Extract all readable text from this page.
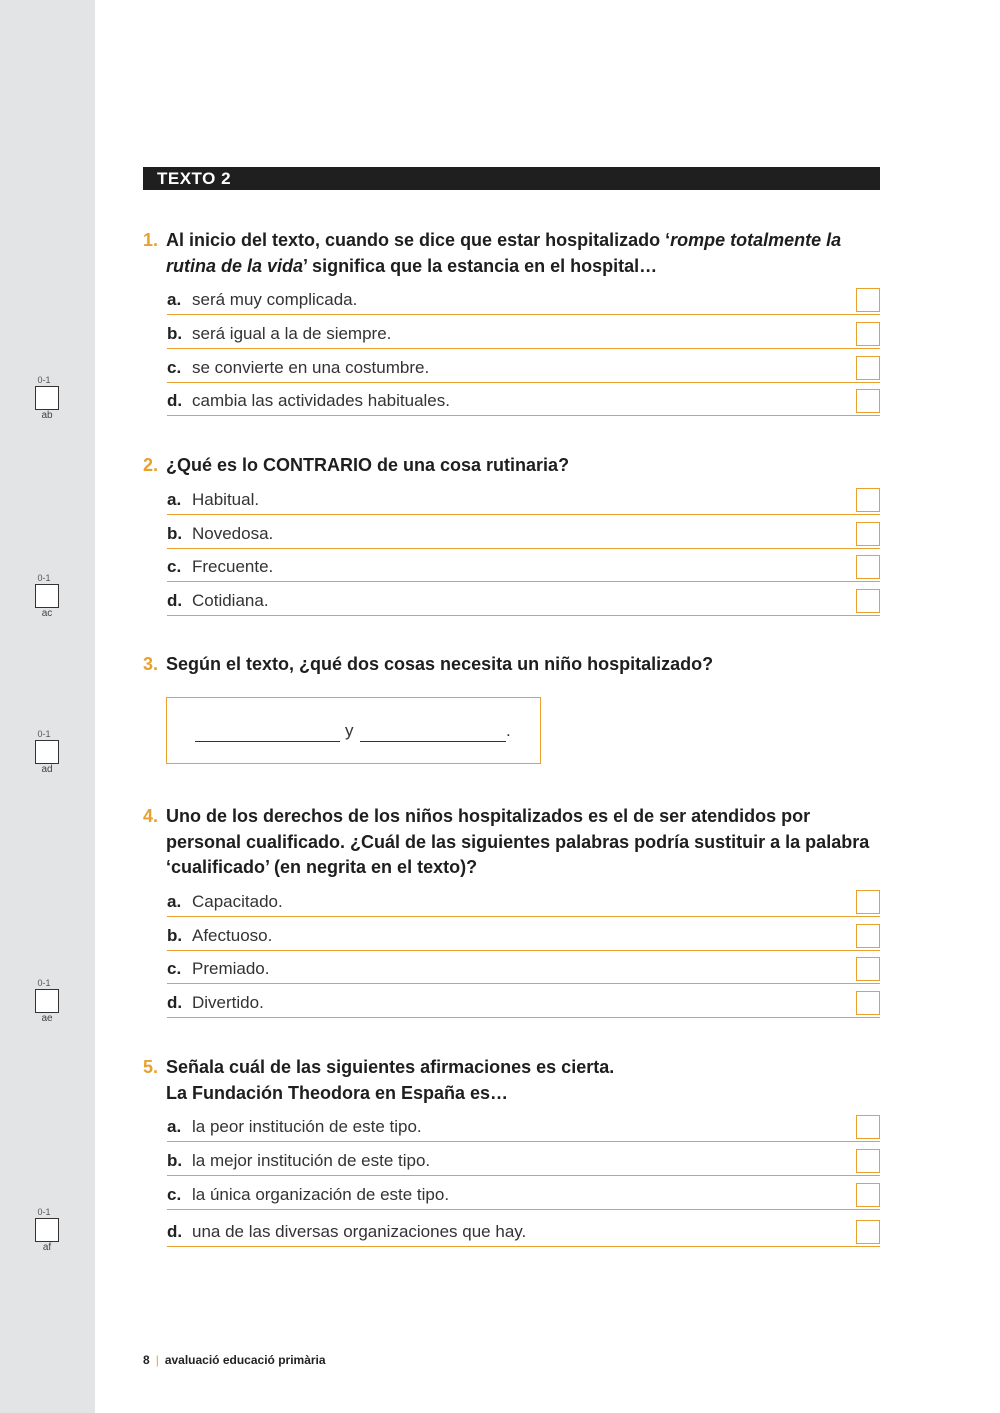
TEXTO 2
0-1
ab
0-1
ac
0-1
ad
0-1
ae
0-1
af
1. Al inicio del texto, cuando se dice que estar hospitalizado ‘rompe totalmente la rutina de la vida’ significa que la estancia en el hospital…
a. será muy complicada.
b. será igual a la de siempre.
c. se convierte en una costumbre.
d. cambia las actividades habituales.
2. ¿Qué es lo CONTRARIO de una cosa rutinaria?
a. Habitual.
b. Novedosa.
c. Frecuente.
d. Cotidiana.
3. Según el texto, ¿qué dos cosas necesita un niño hospitalizado?
y	.
4. Uno de los derechos de los niños hospitalizados es el de ser atendidos por personal cualificado. ¿Cuál de las siguientes palabras podría sustituir a la palabra ‘cualificado’ (en negrita en el texto)?
a. Capacitado.
b. Afectuoso.
c. Premiado.
d. Divertido.
5. Señala cuál de las siguientes afirmaciones es cierta.
La Fundación Theodora en España es…
a. la peor institución de este tipo.
b. la mejor institución de este tipo.
c. la única organización de este tipo.
d. una de las diversas organizaciones que hay.
8 | avaluació educació primària
